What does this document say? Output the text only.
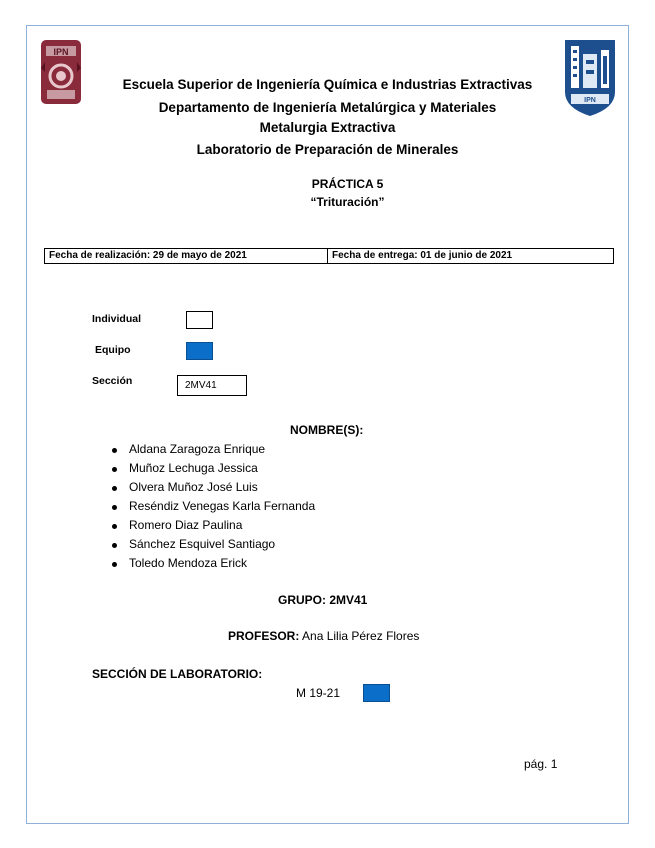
IPN
IPN
Escuela Superior de Ingeniería Química e Industrias Extractivas
Departamento de Ingeniería Metalúrgica y Materiales
Metalurgia Extractiva
Laboratorio de Preparación de Minerales
PRÁCTICA 5
“Trituración”
Fecha de realización: 29 de mayo de 2021	Fecha de entrega: 01 de junio de 2021
Individual
Equipo
Sección	2MV41
NOMBRE(S):
Aldana Zaragoza Enrique
Muñoz Lechuga Jessica
Olvera Muñoz José Luis
Reséndiz Venegas Karla Fernanda
Romero Diaz Paulina
Sánchez Esquivel Santiago
Toledo Mendoza Erick
GRUPO: 2MV41
PROFESOR: Ana Lilia Pérez Flores
SECCIÓN DE LABORATORIO:
M 19-21
pág. 1
